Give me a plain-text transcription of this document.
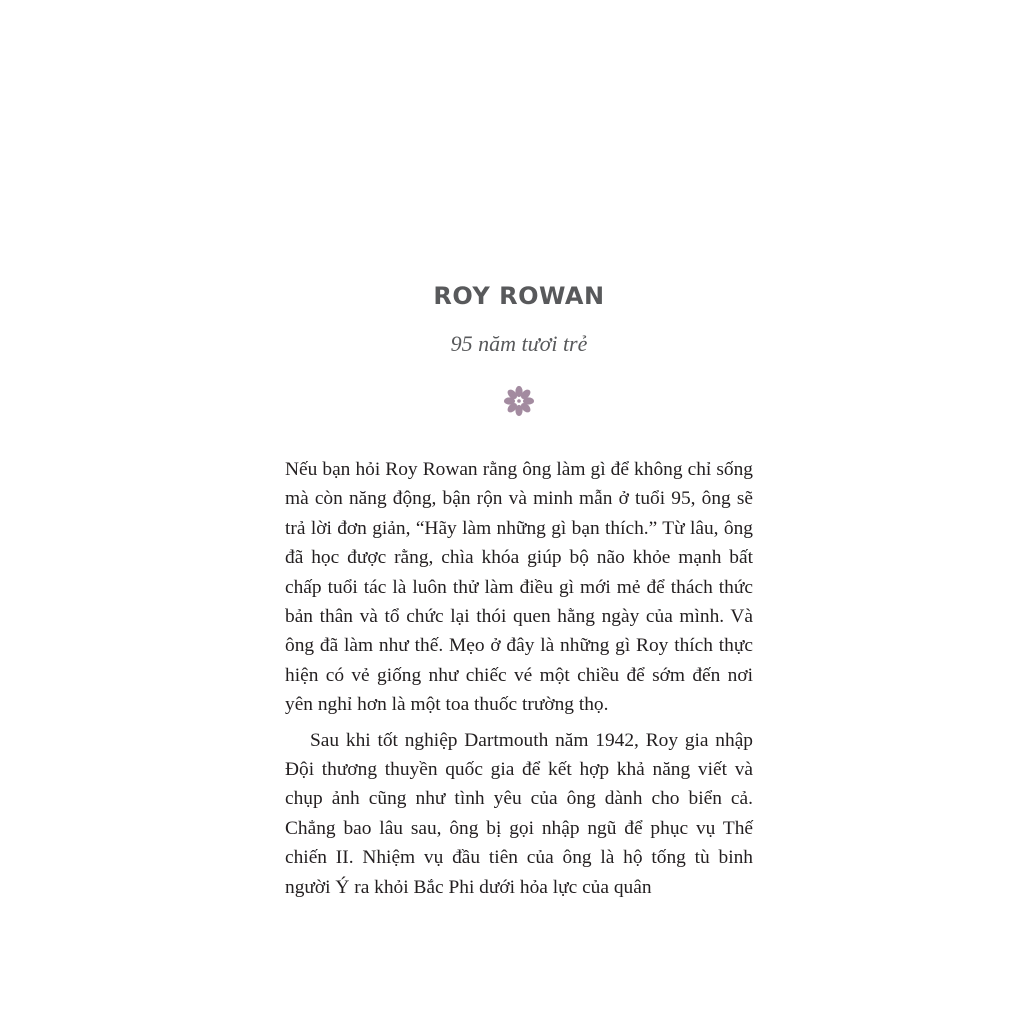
ROY ROWAN
95 năm tươi trẻ

Nếu bạn hỏi Roy Rowan rằng ông làm gì để không chỉ sống mà còn năng động, bận rộn và minh mẫn ở tuổi 95, ông sẽ trả lời đơn giản, “Hãy làm những gì bạn thích.” Từ lâu, ông đã học được rằng, chìa khóa giúp bộ não khỏe mạnh bất chấp tuổi tác là luôn thử làm điều gì mới mẻ để thách thức bản thân và tổ chức lại thói quen hằng ngày của mình. Và ông đã làm như thế. Mẹo ở đây là những gì Roy thích thực hiện có vẻ giống như chiếc vé một chiều để sớm đến nơi yên nghỉ hơn là một toa thuốc trường thọ.

Sau khi tốt nghiệp Dartmouth năm 1942, Roy gia nhập Đội thương thuyền quốc gia để kết hợp khả năng viết và chụp ảnh cũng như tình yêu của ông dành cho biển cả. Chẳng bao lâu sau, ông bị gọi nhập ngũ để phục vụ Thế chiến II. Nhiệm vụ đầu tiên của ông là hộ tống tù binh người Ý ra khỏi Bắc Phi dưới hỏa lực của quân
